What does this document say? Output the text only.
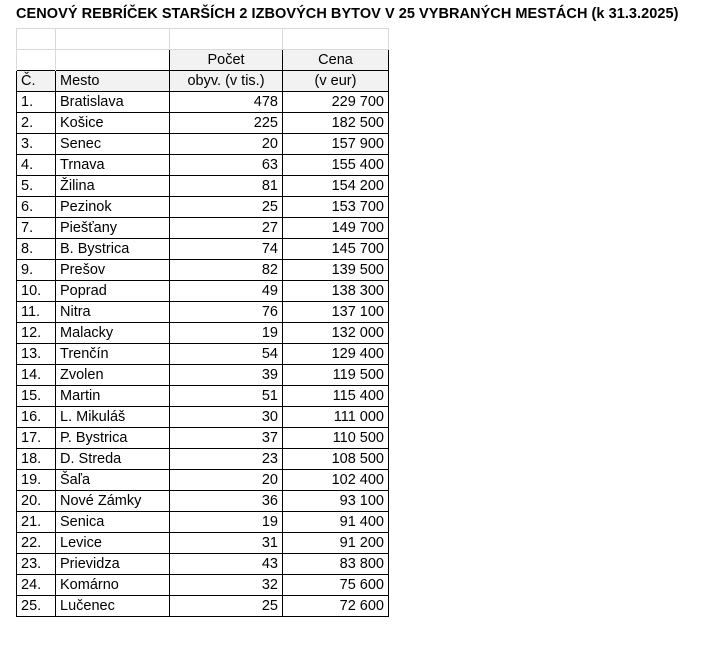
CENOVÝ REBRÍČEK STARŠÍCH 2 IZBOVÝCH BYTOV V 25 VYBRANÝCH MESTÁCH (k 31.3.2025)

		Počet	Cena
Č.	Mesto	obyv. (v tis.)	(v eur)
1.	Bratislava	478	229 700
2.	Košice	225	182 500
3.	Senec	20	157 900
4.	Trnava	63	155 400
5.	Žilina	81	154 200
6.	Pezinok	25	153 700
7.	Piešťany	27	149 700
8.	B. Bystrica	74	145 700
9.	Prešov	82	139 500
10.	Poprad	49	138 300
11.	Nitra	76	137 100
12.	Malacky	19	132 000
13.	Trenčín	54	129 400
14.	Zvolen	39	119 500
15.	Martin	51	115 400
16.	L. Mikuláš	30	111 000
17.	P. Bystrica	37	110 500
18.	D. Streda	23	108 500
19.	Šaľa	20	102 400
20.	Nové Zámky	36	93 100
21.	Senica	19	91 400
22.	Levice	31	91 200
23.	Prievidza	43	83 800
24.	Komárno	32	75 600
25.	Lučenec	25	72 600
